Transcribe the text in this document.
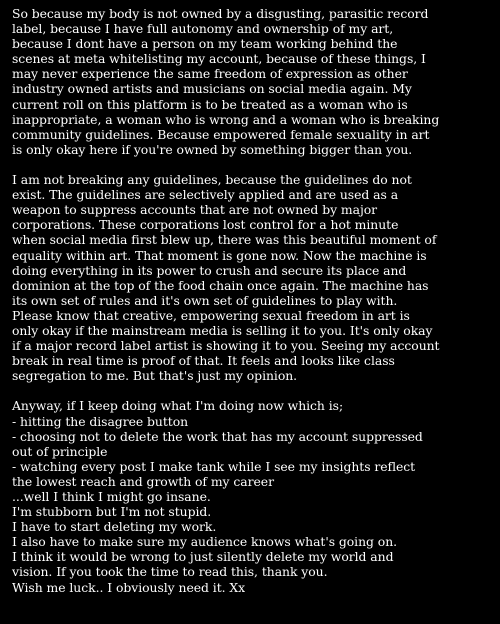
So because my body is not owned by a disgusting, parasitic record
label, because I have full autonomy and ownership of my art,
because I dont have a person on my team working behind the
scenes at meta whitelisting my account, because of these things, I
may never experience the same freedom of expression as other
industry owned artists and musicians on social media again. My
current roll on this platform is to be treated as a woman who is
inappropriate, a woman who is wrong and a woman who is breaking
community guidelines. Because empowered female sexuality in art
is only okay here if you're owned by something bigger than you.

I am not breaking any guidelines, because the guidelines do not
exist. The guidelines are selectively applied and are used as a
weapon to suppress accounts that are not owned by major
corporations. These corporations lost control for a hot minute
when social media first blew up, there was this beautiful moment of
equality within art. That moment is gone now. Now the machine is
doing everything in its power to crush and secure its place and
dominion at the top of the food chain once again. The machine has
its own set of rules and it's own set of guidelines to play with.
Please know that creative, empowering sexual freedom in art is
only okay if the mainstream media is selling it to you. It's only okay
if a major record label artist is showing it to you. Seeing my account
break in real time is proof of that. It feels and looks like class
segregation to me. But that's just my opinion.

Anyway, if I keep doing what I'm doing now which is;
- hitting the disagree button
- choosing not to delete the work that has my account suppressed
out of principle
- watching every post I make tank while I see my insights reflect
the lowest reach and growth of my career
...well I think I might go insane.
I'm stubborn but I'm not stupid.
I have to start deleting my work.
I also have to make sure my audience knows what's going on.
I think it would be wrong to just silently delete my world and
vision. If you took the time to read this, thank you.
Wish me luck.. I obviously need it. Xx
